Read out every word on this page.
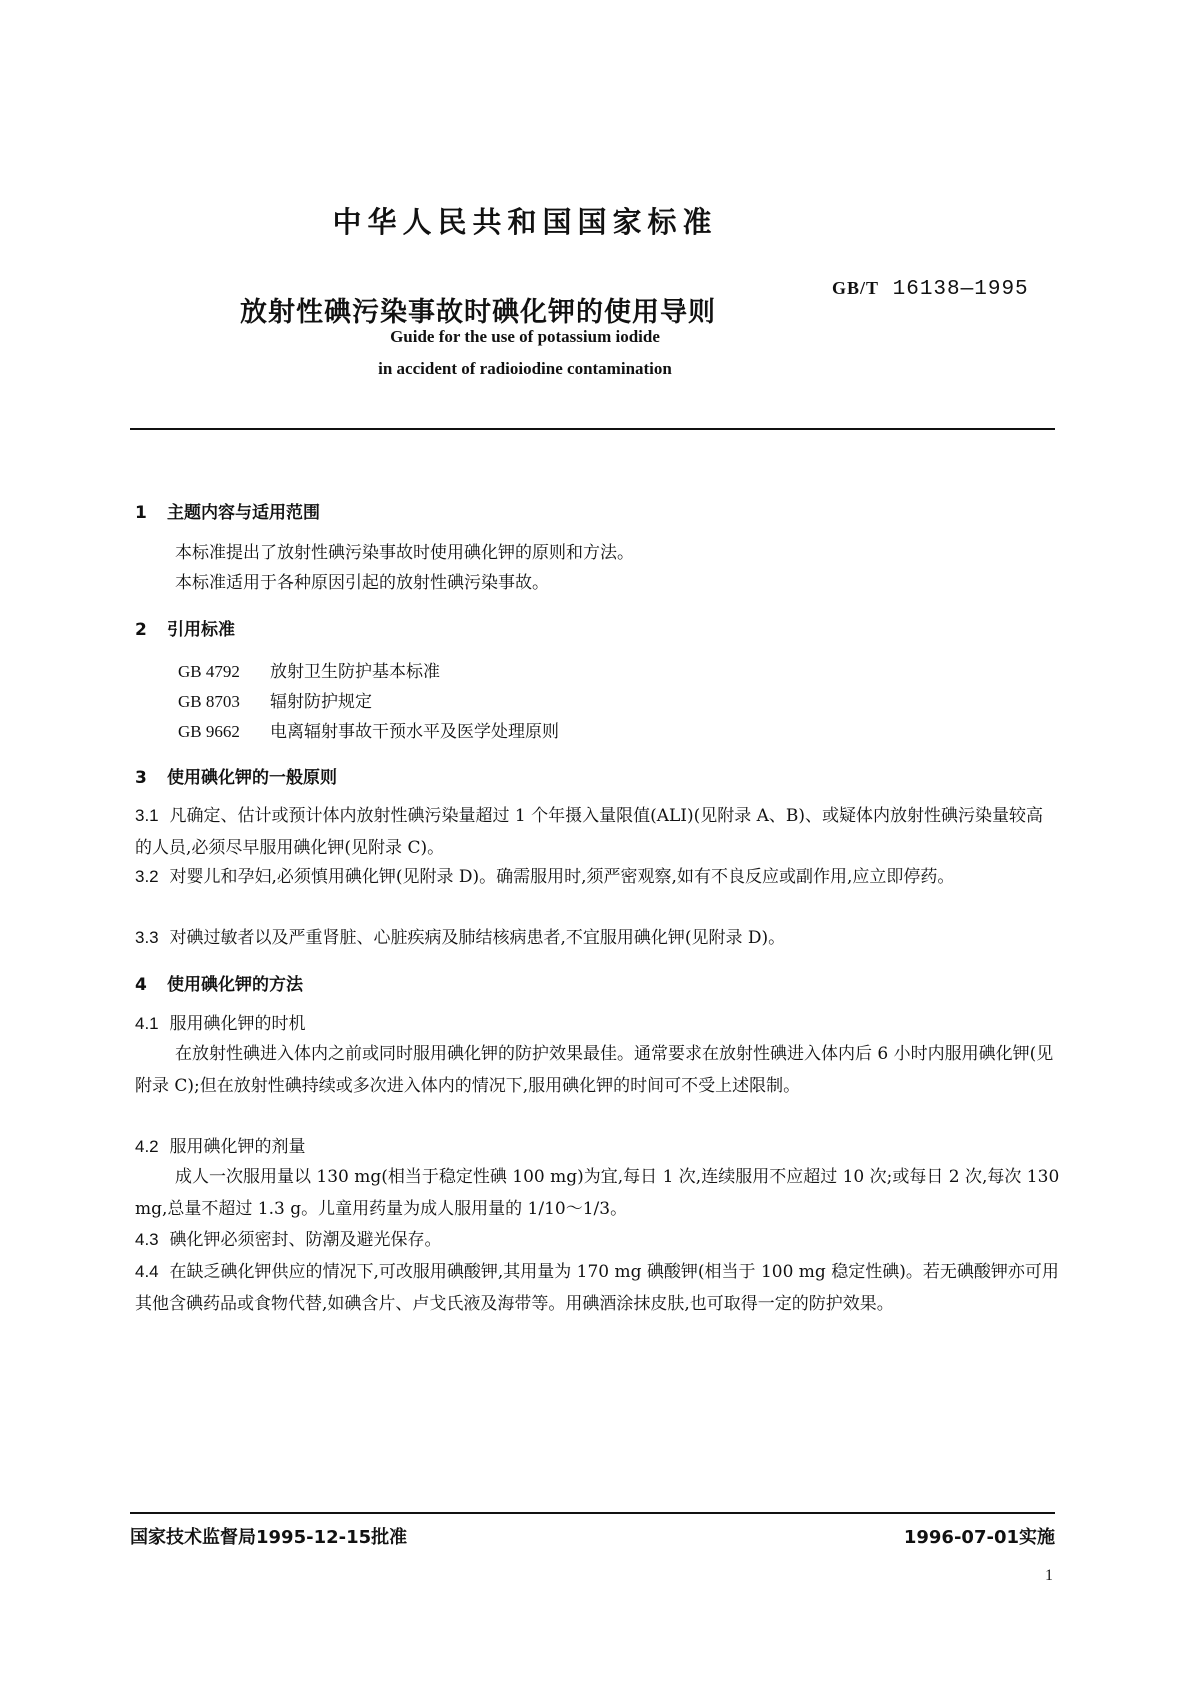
中华人民共和国国家标准
放射性碘污染事故时碘化钾的使用导则
GB/T 16138—1995
Guide for the use of potassium iodide
in accident of radioiodine contamination
1 主题内容与适用范围
本标准提出了放射性碘污染事故时使用碘化钾的原则和方法。
本标准适用于各种原因引起的放射性碘污染事故。
2 引用标准
GB 4792 放射卫生防护基本标准
GB 8703 辐射防护规定
GB 9662 电离辐射事故干预水平及医学处理原则
3 使用碘化钾的一般原则
3.1 凡确定、估计或预计体内放射性碘污染量超过 1 个年摄入量限值(ALI)(见附录 A、B)、或疑体内放射性碘污染量较高的人员,必须尽早服用碘化钾(见附录 C)。
3.2 对婴儿和孕妇,必须慎用碘化钾(见附录 D)。确需服用时,须严密观察,如有不良反应或副作用,应立即停药。
3.3 对碘过敏者以及严重肾脏、心脏疾病及肺结核病患者,不宜服用碘化钾(见附录 D)。
4 使用碘化钾的方法
4.1 服用碘化钾的时机
在放射性碘进入体内之前或同时服用碘化钾的防护效果最佳。通常要求在放射性碘进入体内后 6 小时内服用碘化钾(见附录 C);但在放射性碘持续或多次进入体内的情况下,服用碘化钾的时间可不受上述限制。
4.2 服用碘化钾的剂量
成人一次服用量以 130 mg(相当于稳定性碘 100 mg)为宜,每日 1 次,连续服用不应超过 10 次;或每日 2 次,每次 130 mg,总量不超过 1.3 g。儿童用药量为成人服用量的 1/10～1/3。
4.3 碘化钾必须密封、防潮及避光保存。
4.4 在缺乏碘化钾供应的情况下,可改服用碘酸钾,其用量为 170 mg 碘酸钾(相当于 100 mg 稳定性碘)。若无碘酸钾亦可用其他含碘药品或食物代替,如碘含片、卢戈氏液及海带等。用碘酒涂抹皮肤,也可取得一定的防护效果。
国家技术监督局1995-12-15批准	1996-07-01实施
1
